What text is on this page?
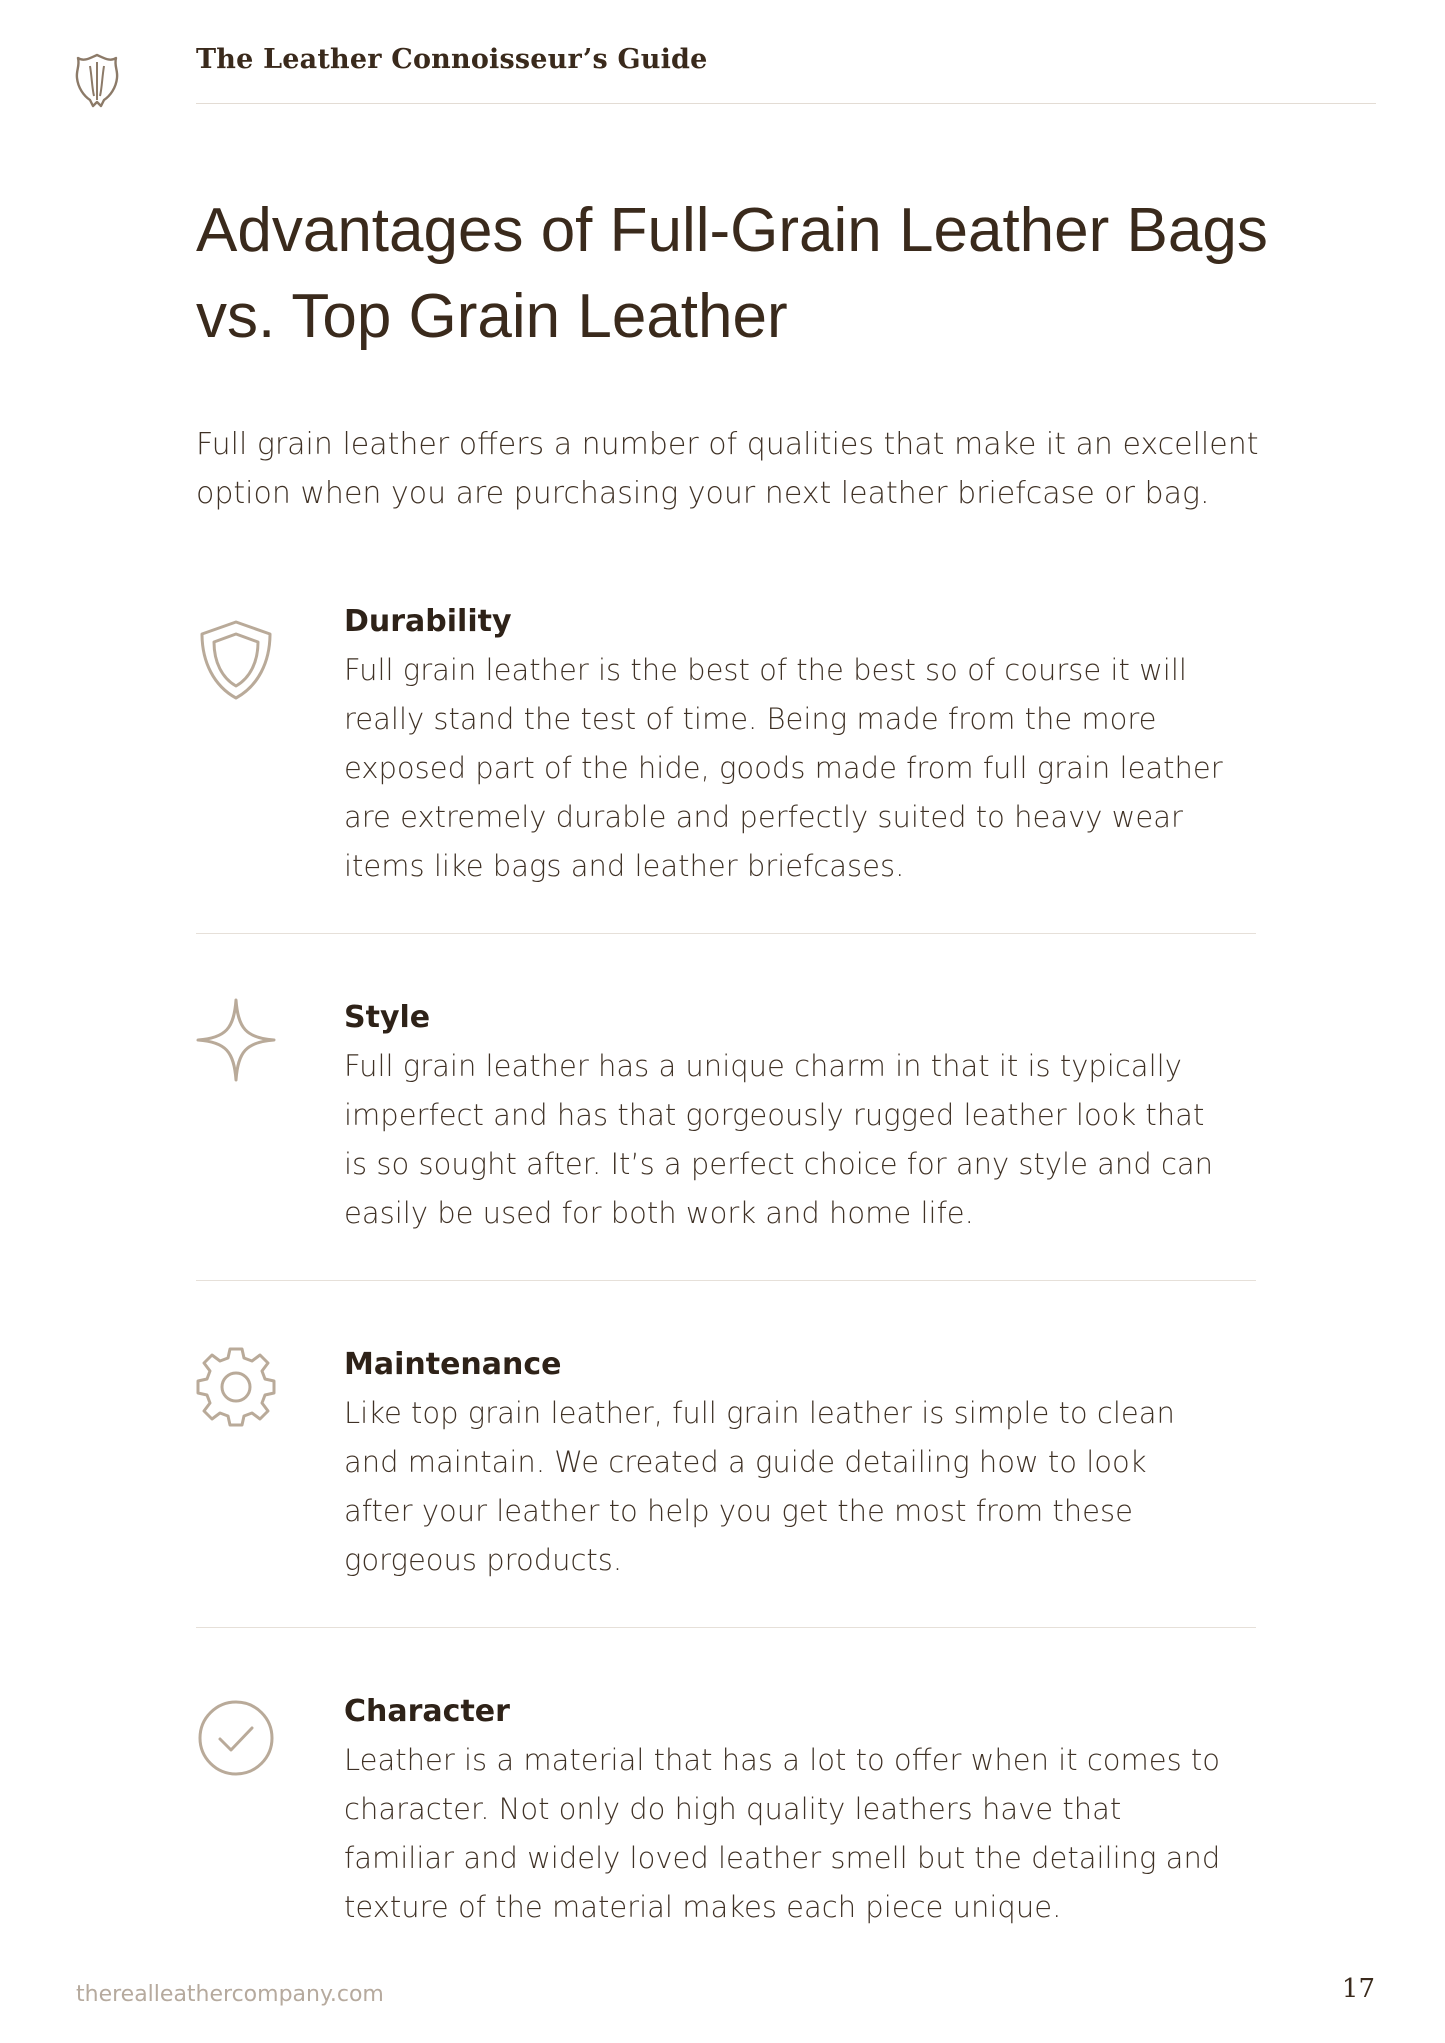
The Leather Connoisseur’s Guide
Advantages of Full-Grain Leather Bags vs. Top Grain Leather

Full grain leather offers a number of qualities that make it an excellent option when you are purchasing your next leather briefcase or bag.

Durability

Full grain leather is the best of the best so of course it will really stand the test of time. Being made from the more exposed part of the hide, goods made from full grain leather are extremely durable and perfectly suited to heavy wear items like bags and leather briefcases.

Style

Full grain leather has a unique charm in that it is typically imperfect and has that gorgeously rugged leather look that is so sought after. It’s a perfect choice for any style and can easily be used for both work and home life.

Maintenance

Like top grain leather, full grain leather is simple to clean and maintain. We created a guide detailing how to look after your leather to help you get the most from these gorgeous products.

Character

Leather is a material that has a lot to offer when it comes to character. Not only do high quality leathers have that familiar and widely loved leather smell but the detailing and texture of the material makes each piece unique.

therealleathercompany.com	17
